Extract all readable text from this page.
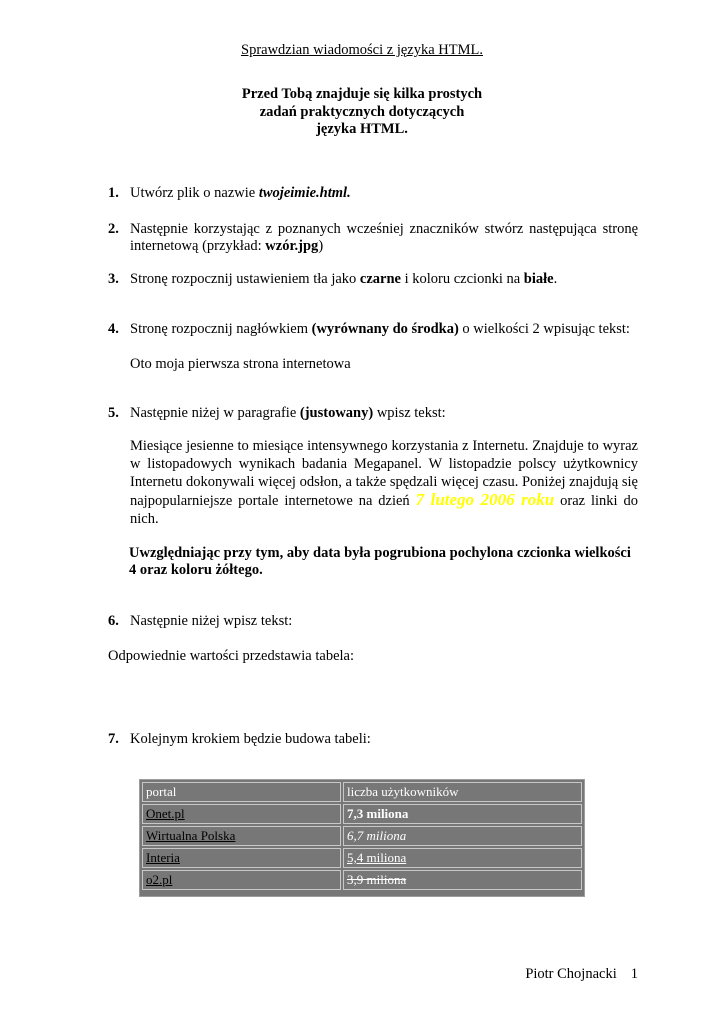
Sprawdzian wiadomości z języka HTML.
Przed Tobą znajduje się kilka prostych
zadań praktycznych dotyczących
języka HTML.
1. Utwórz plik o nazwie twojeimie.html.
2. Następnie korzystając z poznanych wcześniej znaczników stwórz następująca stronę internetową (przykład: wzór.jpg)
3. Stronę rozpocznij ustawieniem tła jako czarne i koloru czcionki na białe.
4. Stronę rozpocznij nagłówkiem (wyrównany do środka) o wielkości 2 wpisując tekst:
Oto moja pierwsza strona internetowa
5. Następnie niżej w paragrafie (justowany) wpisz tekst:
Miesiące jesienne to miesiące intensywnego korzystania z Internetu. Znajduje to wyraz w listopadowych wynikach badania Megapanel. W listopadzie polscy użytkownicy Internetu dokonywali więcej odsłon, a także spędzali więcej czasu. Poniżej znajdują się najpopularniejsze portale internetowe na dzień 7 lutego 2006 roku oraz linki do nich.
Uwzględniając przy tym, aby data była pogrubiona pochylona czcionka wielkości 4 oraz koloru żółtego.
6. Następnie niżej wpisz tekst:
Odpowiednie wartości przedstawia tabela:
7. Kolejnym krokiem będzie budowa tabeli:
portal	liczba użytkowników
Onet.pl	7,3 miliona
Wirtualna Polska	6,7 miliona
Interia	5,4 miliona
o2.pl	3,9 miliona
Piotr Chojnacki 1
